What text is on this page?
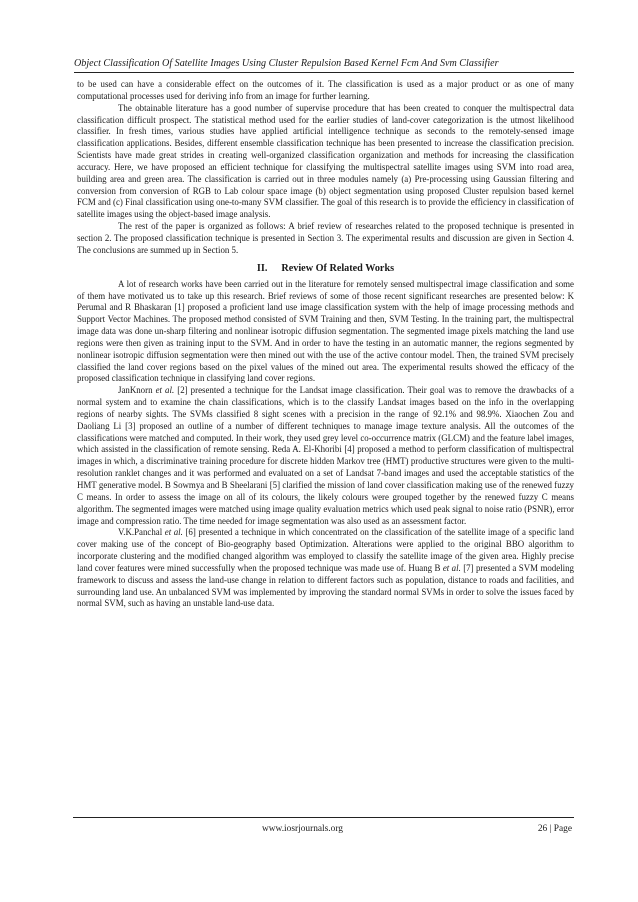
Object Classification Of Satellite Images Using Cluster Repulsion Based Kernel Fcm And Svm Classifier

to be used can have a considerable effect on the outcomes of it. The classification is used as a major product or as one of many computational processes used for deriving info from an image for further learning.

The obtainable literature has a good number of supervise procedure that has been created to conquer the multispectral data classification difficult prospect. The statistical method used for the earlier studies of land-cover categorization is the utmost likelihood classifier. In fresh times, various studies have applied artificial intelligence technique as seconds to the remotely-sensed image classification applications. Besides, different ensemble classification technique has been presented to increase the classification precision. Scientists have made great strides in creating well-organized classification organization and methods for increasing the classification accuracy. Here, we have proposed an efficient technique for classifying the multispectral satellite images using SVM into road area, building area and green area. The classification is carried out in three modules namely (a) Pre-processing using Gaussian filtering and conversion from conversion of RGB to Lab colour space image (b) object segmentation using proposed Cluster repulsion based kernel FCM and (c) Final classification using one-to-many SVM classifier. The goal of this research is to provide the efficiency in classification of satellite images using the object-based image analysis.

The rest of the paper is organized as follows: A brief review of researches related to the proposed technique is presented in section 2. The proposed classification technique is presented in Section 3. The experimental results and discussion are given in Section 4. The conclusions are summed up in Section 5.

II. Review Of Related Works

A lot of research works have been carried out in the literature for remotely sensed multispectral image classification and some of them have motivated us to take up this research. Brief reviews of some of those recent significant researches are presented below: K Perumal and R Bhaskaran [1] proposed a proficient land use image classification system with the help of image processing methods and Support Vector Machines. The proposed method consisted of SVM Training and then, SVM Testing. In the training part, the multispectral image data was done un-sharp filtering and nonlinear isotropic diffusion segmentation. The segmented image pixels matching the land use regions were then given as training input to the SVM. And in order to have the testing in an automatic manner, the regions segmented by nonlinear isotropic diffusion segmentation were then mined out with the use of the active contour model. Then, the trained SVM precisely classified the land cover regions based on the pixel values of the mined out area. The experimental results showed the efficacy of the proposed classification technique in classifying land cover regions.

JanKnorn et al. [2] presented a technique for the Landsat image classification. Their goal was to remove the drawbacks of a normal system and to examine the chain classifications, which is to the classify Landsat images based on the info in the overlapping regions of nearby sights. The SVMs classified 8 sight scenes with a precision in the range of 92.1% and 98.9%. Xiaochen Zou and Daoliang Li [3] proposed an outline of a number of different techniques to manage image texture analysis. All the outcomes of the classifications were matched and computed. In their work, they used grey level co-occurrence matrix (GLCM) and the feature label images, which assisted in the classification of remote sensing. Reda A. El-Khoribi [4] proposed a method to perform classification of multispectral images in which, a discriminative training procedure for discrete hidden Markov tree (HMT) productive structures were given to the multi-resolution ranklet changes and it was performed and evaluated on a set of Landsat 7-band images and used the acceptable statistics of the HMT generative model. B Sowmya and B Sheelarani [5] clarified the mission of land cover classification making use of the renewed fuzzy C means. In order to assess the image on all of its colours, the likely colours were grouped together by the renewed fuzzy C means algorithm. The segmented images were matched using image quality evaluation metrics which used peak signal to noise ratio (PSNR), error image and compression ratio. The time needed for image segmentation was also used as an assessment factor.

V.K.Panchal et al. [6] presented a technique in which concentrated on the classification of the satellite image of a specific land cover making use of the concept of Bio-geography based Optimization. Alterations were applied to the original BBO algorithm to incorporate clustering and the modified changed algorithm was employed to classify the satellite image of the given area. Highly precise land cover features were mined successfully when the proposed technique was made use of. Huang B et al. [7] presented a SVM modeling framework to discuss and assess the land-use change in relation to different factors such as population, distance to roads and facilities, and surrounding land use. An unbalanced SVM was implemented by improving the standard normal SVMs in order to solve the issues faced by normal SVM, such as having an unstable land-use data.

www.iosrjournals.org	26 | Page
